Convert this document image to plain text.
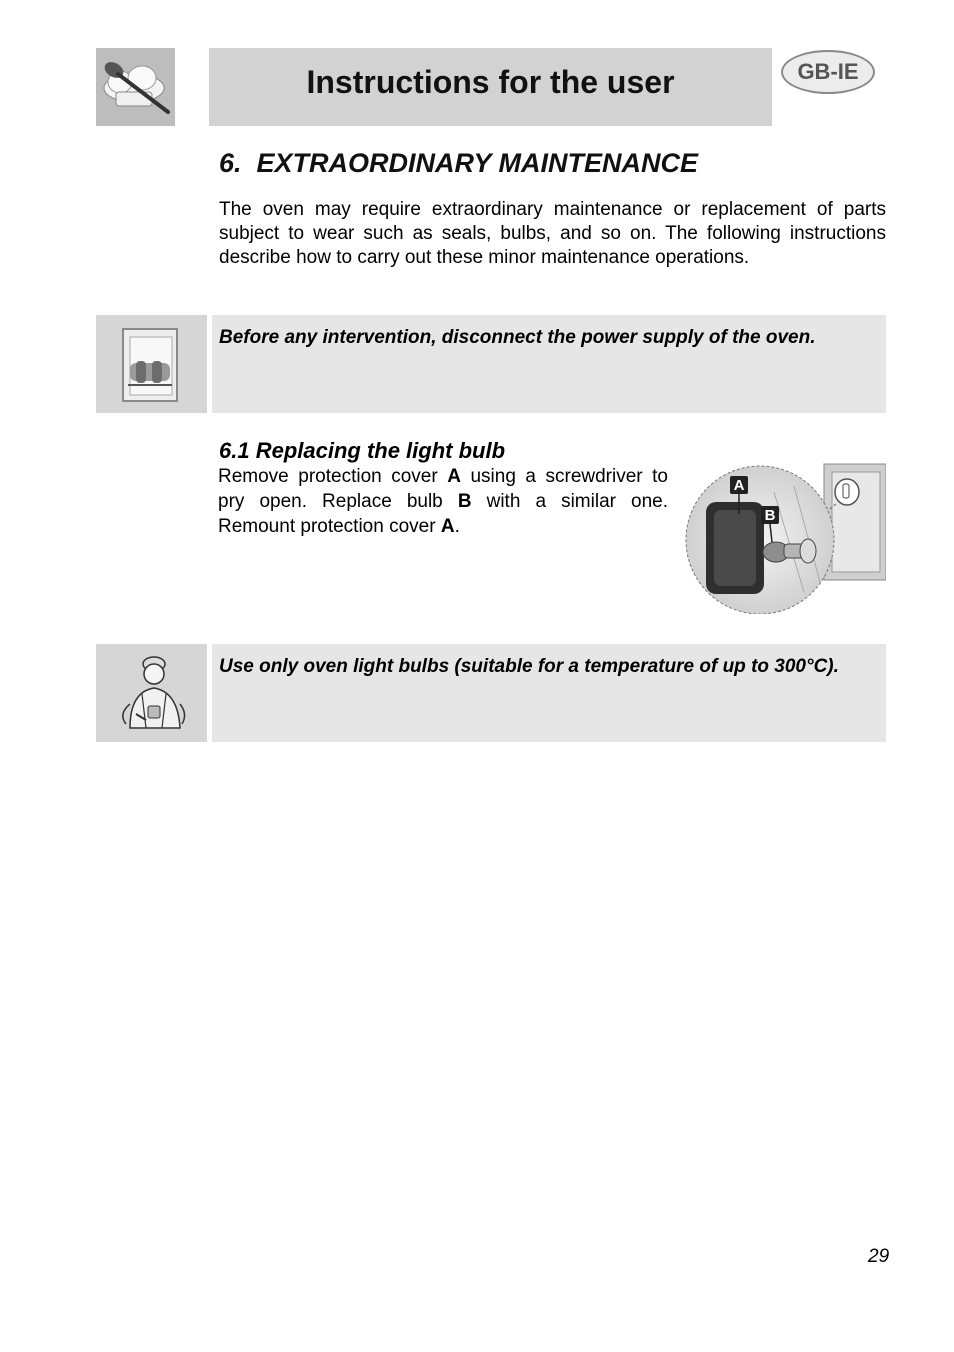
Instructions for the user	GB-IE
6.  EXTRAORDINARY MAINTENANCE
The oven may require extraordinary maintenance or replacement of parts subject to wear such as seals, bulbs, and so on. The following instructions describe how to carry out these minor maintenance operations.
Before any intervention, disconnect the power supply of the oven.
6.1 Replacing the light bulb
Remove protection cover A using a screwdriver to pry open. Replace bulb B with a similar one. Remount protection cover A.
A
B
Use only oven light bulbs (suitable for a temperature of up to 300°C).
29
